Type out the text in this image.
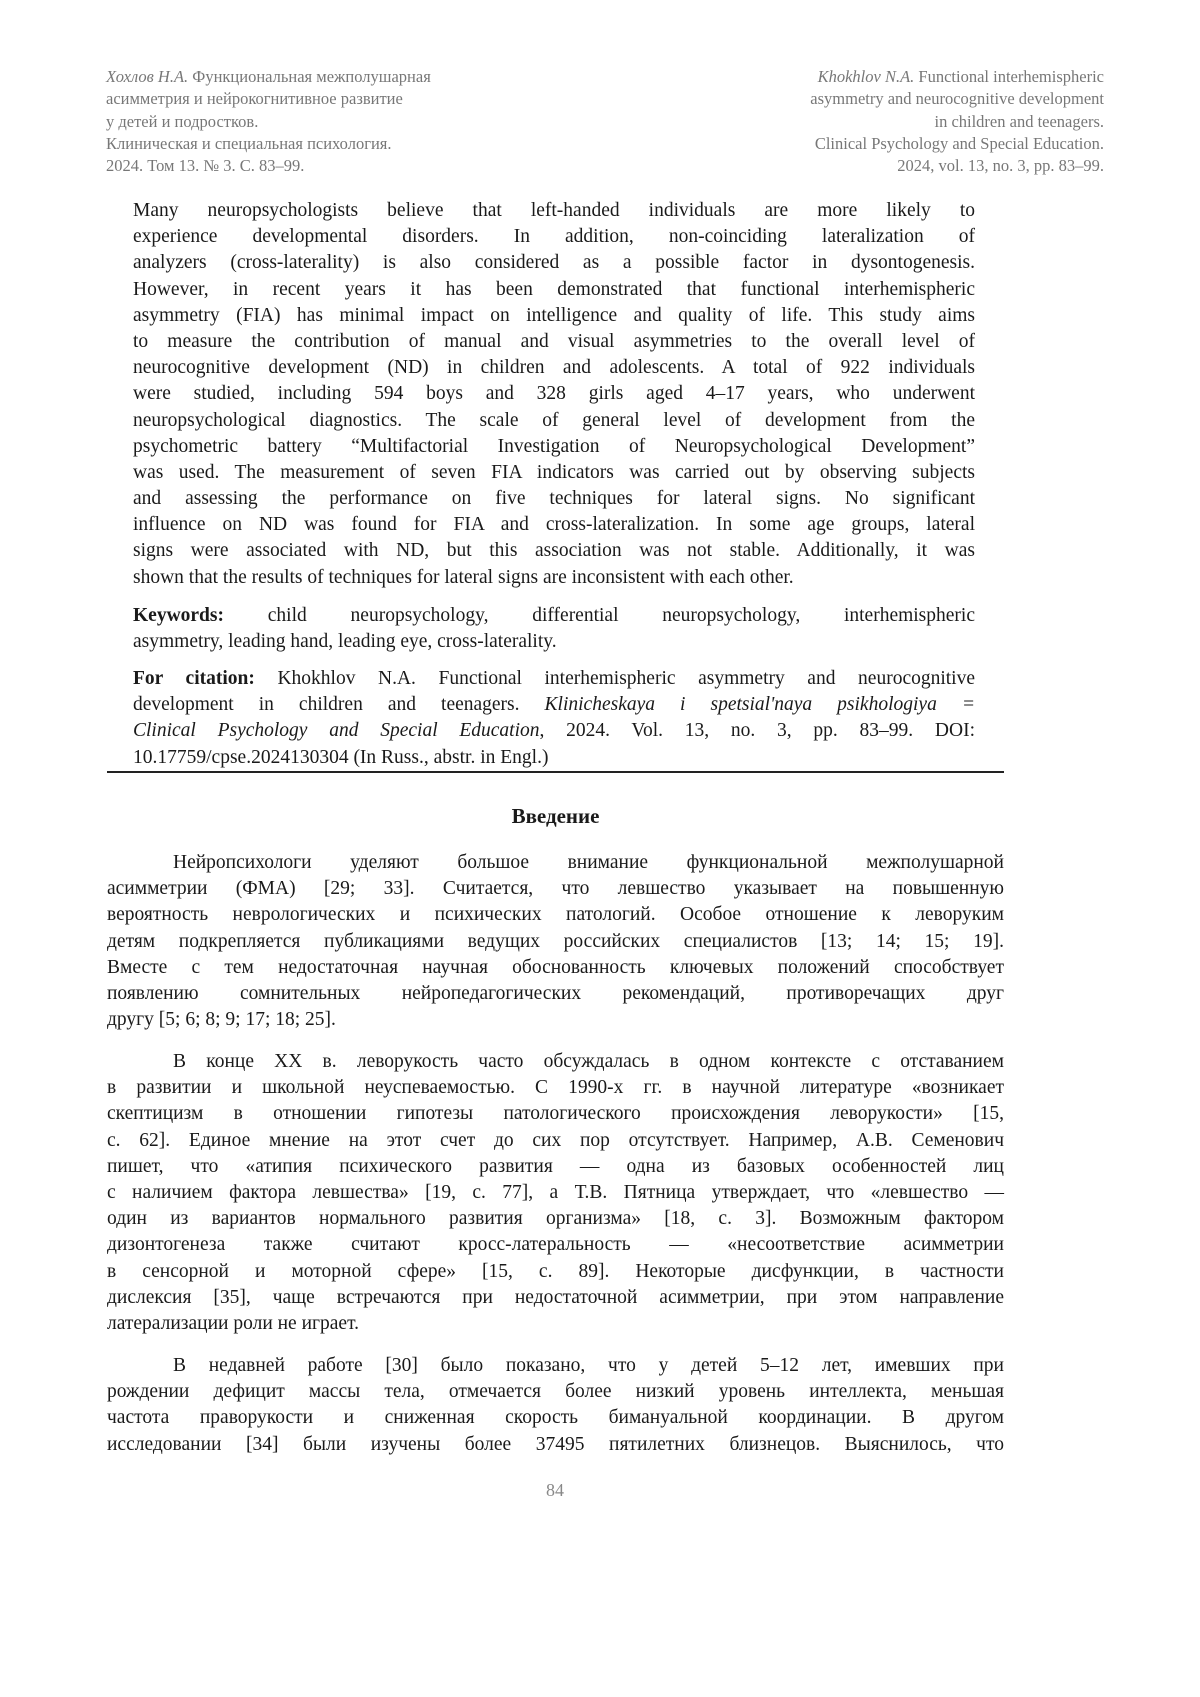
Хохлов Н.А. Функциональная межполушарная
асимметрия и нейрокогнитивное развитие
у детей и подростков.
Клиническая и специальная психология.
2024. Том 13. № 3. С. 83–99.
Khokhlov N.A. Functional interhemispheric
asymmetry and neurocognitive development
in children and teenagers.
Clinical Psychology and Special Education.
2024, vol. 13, no. 3, pp. 83–99.
Many neuropsychologists believe that left-handed individuals are more likely to
experience developmental disorders. In addition, non-coinciding lateralization of
analyzers (cross-laterality) is also considered as a possible factor in dysontogenesis.
However, in recent years it has been demonstrated that functional interhemispheric
asymmetry (FIA) has minimal impact on intelligence and quality of life. This study aims
to measure the contribution of manual and visual asymmetries to the overall level of
neurocognitive development (ND) in children and adolescents. A total of 922 individuals
were studied, including 594 boys and 328 girls aged 4–17 years, who underwent
neuropsychological diagnostics. The scale of general level of development from the
psychometric battery “Multifactorial Investigation of Neuropsychological Development”
was used. The measurement of seven FIA indicators was carried out by observing subjects
and assessing the performance on five techniques for lateral signs. No significant
influence on ND was found for FIA and cross-lateralization. In some age groups, lateral
signs were associated with ND, but this association was not stable. Additionally, it was
shown that the results of techniques for lateral signs are inconsistent with each other.
Keywords: child neuropsychology, differential neuropsychology, interhemispheric
asymmetry, leading hand, leading eye, cross-laterality.
For citation: Khokhlov N.A. Functional interhemispheric asymmetry and neurocognitive
development in children and teenagers. Klinicheskaya i spetsial'naya psikhologiya =
Clinical Psychology and Special Education, 2024. Vol. 13, no. 3, pp. 83–99. DOI:
10.17759/cpse.2024130304 (In Russ., abstr. in Engl.)
Введение
Нейропсихологи уделяют большое внимание функциональной межполушарной
асимметрии (ФМА) [29; 33]. Считается, что левшество указывает на повышенную
вероятность неврологических и психических патологий. Особое отношение к леворуким
детям подкрепляется публикациями ведущих российских специалистов [13; 14; 15; 19].
Вместе с тем недостаточная научная обоснованность ключевых положений способствует
появлению сомнительных нейропедагогических рекомендаций, противоречащих друг
другу [5; 6; 8; 9; 17; 18; 25].
В конце XX в. леворукость часто обсуждалась в одном контексте с отставанием
в развитии и школьной неуспеваемостью. С 1990-х гг. в научной литературе «возникает
скептицизм в отношении гипотезы патологического происхождения леворукости» [15,
с. 62]. Единое мнение на этот счет до сих пор отсутствует. Например, А.В. Семенович
пишет, что «атипия психического развития — одна из базовых особенностей лиц
с наличием фактора левшества» [19, с. 77], а Т.В. Пятница утверждает, что «левшество —
один из вариантов нормального развития организма» [18, с. 3]. Возможным фактором
дизонтогенеза также считают кросс-латеральность — «несоответствие асимметрии
в сенсорной и моторной сфере» [15, с. 89]. Некоторые дисфункции, в частности
дислексия [35], чаще встречаются при недостаточной асимметрии, при этом направление
латерализации роли не играет.
В недавней работе [30] было показано, что у детей 5–12 лет, имевших при
рождении дефицит массы тела, отмечается более низкий уровень интеллекта, меньшая
частота праворукости и сниженная скорость бимануальной координации. В другом
исследовании [34] были изучены более 37495 пятилетних близнецов. Выяснилось, что
84
